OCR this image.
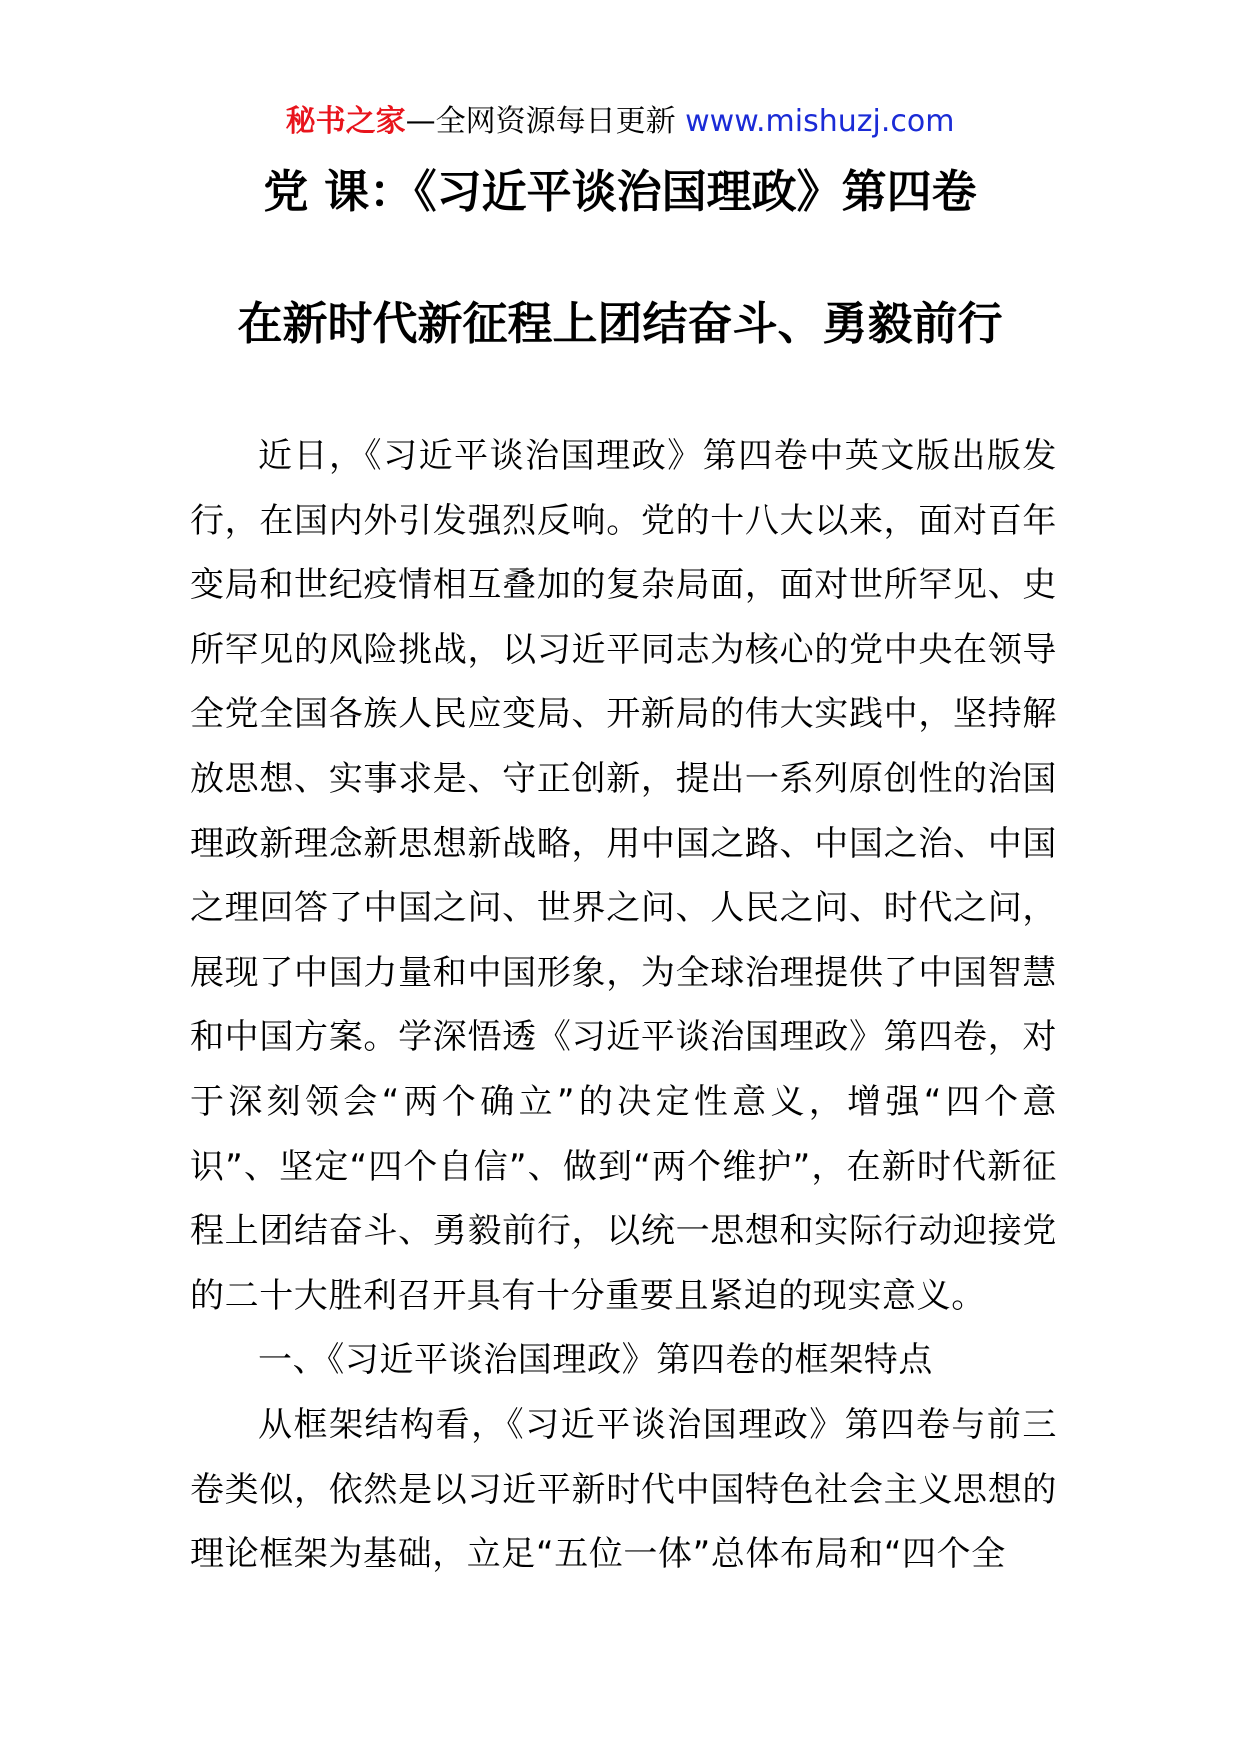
秘书之家—全网资源每日更新 www.mishuzj.com
党 课：《习近平谈治国理政》第四卷
在新时代新征程上团结奋斗、勇毅前行

近日，《习近平谈治国理政》第四卷中英文版出版发行，在国内外引发强烈反响。党的十八大以来，面对百年变局和世纪疫情相互叠加的复杂局面，面对世所罕见、史所罕见的风险挑战，以习近平同志为核心的党中央在领导全党全国各族人民应变局、开新局的伟大实践中，坚持解放思想、实事求是、守正创新，提出一系列原创性的治国理政新理念新思想新战略，用中国之路、中国之治、中国之理回答了中国之问、世界之问、人民之问、时代之问，展现了中国力量和中国形象，为全球治理提供了中国智慧和中国方案。学深悟透《习近平谈治国理政》第四卷，对于深刻领会“两个确立”的决定性意义，增强“四个意识”、坚定“四个自信”、做到“两个维护”，在新时代新征程上团结奋斗、勇毅前行，以统一思想和实际行动迎接党的二十大胜利召开具有十分重要且紧迫的现实意义。

一、《习近平谈治国理政》第四卷的框架特点

从框架结构看，《习近平谈治国理政》第四卷与前三卷类似，依然是以习近平新时代中国特色社会主义思想的理论框架为基础，立足“五位一体”总体布局和“四个全
